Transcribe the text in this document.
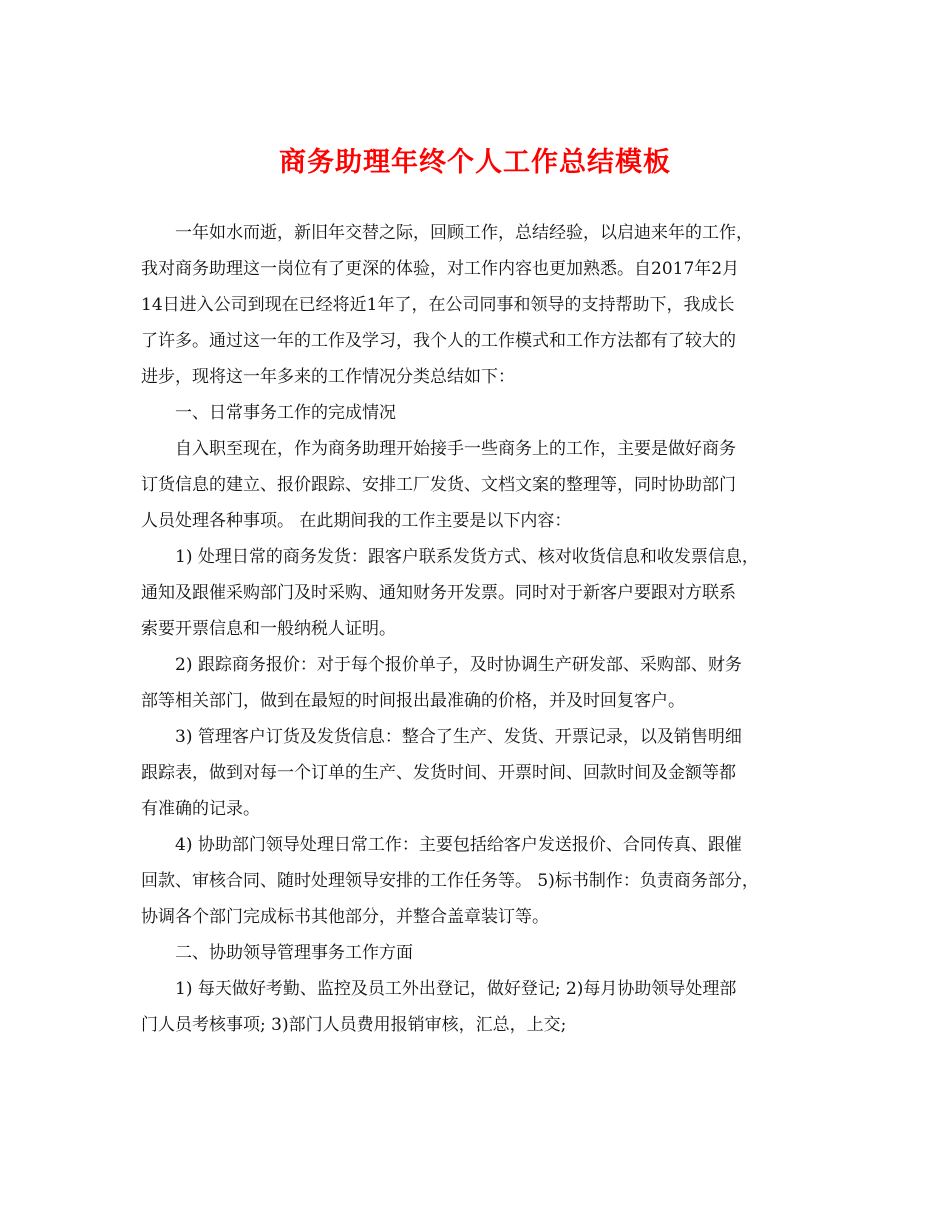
商务助理年终个人工作总结模板
一年如水而逝，新旧年交替之际，回顾工作，总结经验，以启迪来年的工作，
我对商务助理这一岗位有了更深的体验，对工作内容也更加熟悉。自2017年2月
14日进入公司到现在已经将近1年了，在公司同事和领导的支持帮助下，我成长
了许多。通过这一年的工作及学习，我个人的工作模式和工作方法都有了较大的
进步，现将这一年多来的工作情况分类总结如下：
一、日常事务工作的完成情况
自入职至现在，作为商务助理开始接手一些商务上的工作，主要是做好商务
订货信息的建立、报价跟踪、安排工厂发货、文档文案的整理等，同时协助部门
人员处理各种事项。 在此期间我的工作主要是以下内容：
1) 处理日常的商务发货：跟客户联系发货方式、核对收货信息和收发票信息，
通知及跟催采购部门及时采购、通知财务开发票。同时对于新客户要跟对方联系
索要开票信息和一般纳税人证明。
2) 跟踪商务报价：对于每个报价单子，及时协调生产研发部、采购部、财务
部等相关部门，做到在最短的时间报出最准确的价格，并及时回复客户。
3) 管理客户订货及发货信息：整合了生产、发货、开票记录，以及销售明细
跟踪表，做到对每一个订单的生产、发货时间、开票时间、回款时间及金额等都
有准确的记录。
4) 协助部门领导处理日常工作：主要包括给客户发送报价、合同传真、跟催
回款、审核合同、随时处理领导安排的工作任务等。 5)标书制作：负责商务部分，
协调各个部门完成标书其他部分，并整合盖章装订等。
二、协助领导管理事务工作方面
1) 每天做好考勤、监控及员工外出登记，做好登记; 2)每月协助领导处理部
门人员考核事项; 3)部门人员费用报销审核，汇总，上交;
